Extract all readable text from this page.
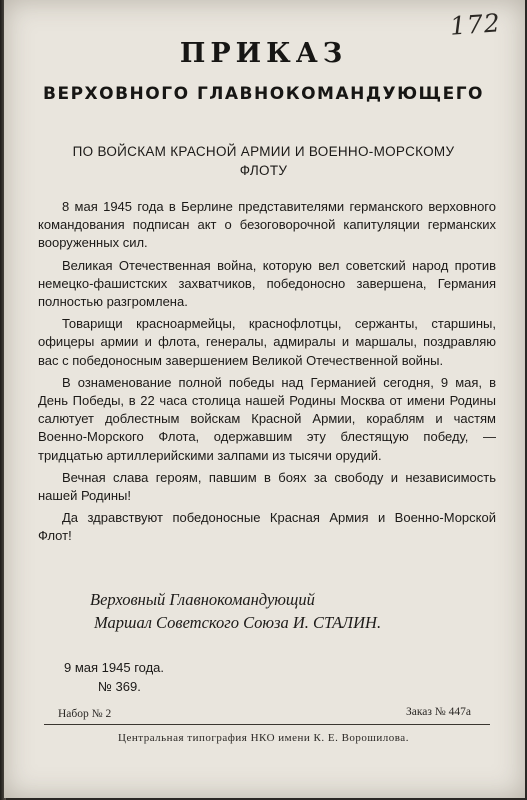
172
ПРИКАЗ
ВЕРХОВНОГО ГЛАВНОКОМАНДУЮЩЕГО
ПО ВОЙСКАМ КРАСНОЙ АРМИИ И ВОЕННО-МОРСКОМУ
ФЛОТУ

8 мая 1945 года в Берлине представителями германского верховного командования подписан акт о безоговорочной капитуляции германских вооруженных сил.

Великая Отечественная война, которую вел советский народ против немецко-фашистских захватчиков, победоносно завершена, Германия полностью разгромлена.

Товарищи красноармейцы, краснофлотцы, сержанты, старшины, офицеры армии и флота, генералы, адмиралы и маршалы, поздравляю вас с победоносным завершением Великой Отечественной войны.

В ознаменование полной победы над Германией сегодня, 9 мая, в День Победы, в 22 часа столица нашей Родины Москва от имени Родины салютует доблестным войскам Красной Армии, кораблям и частям Военно-Морского Флота, одержавшим эту блестящую победу, — тридцатью артиллерийскими залпами из тысячи орудий.

Вечная слава героям, павшим в боях за свободу и независимость нашей Родины!

Да здравствуют победоносные Красная Армия и Военно-Морской Флот!

Верховный Главнокомандующий
Маршал Советского Союза И. СТАЛИН.
9 мая 1945 года.
№ 369.
Набор № 2	Заказ № 447а
Центральная типография НКО имени К. Е. Ворошилова.
